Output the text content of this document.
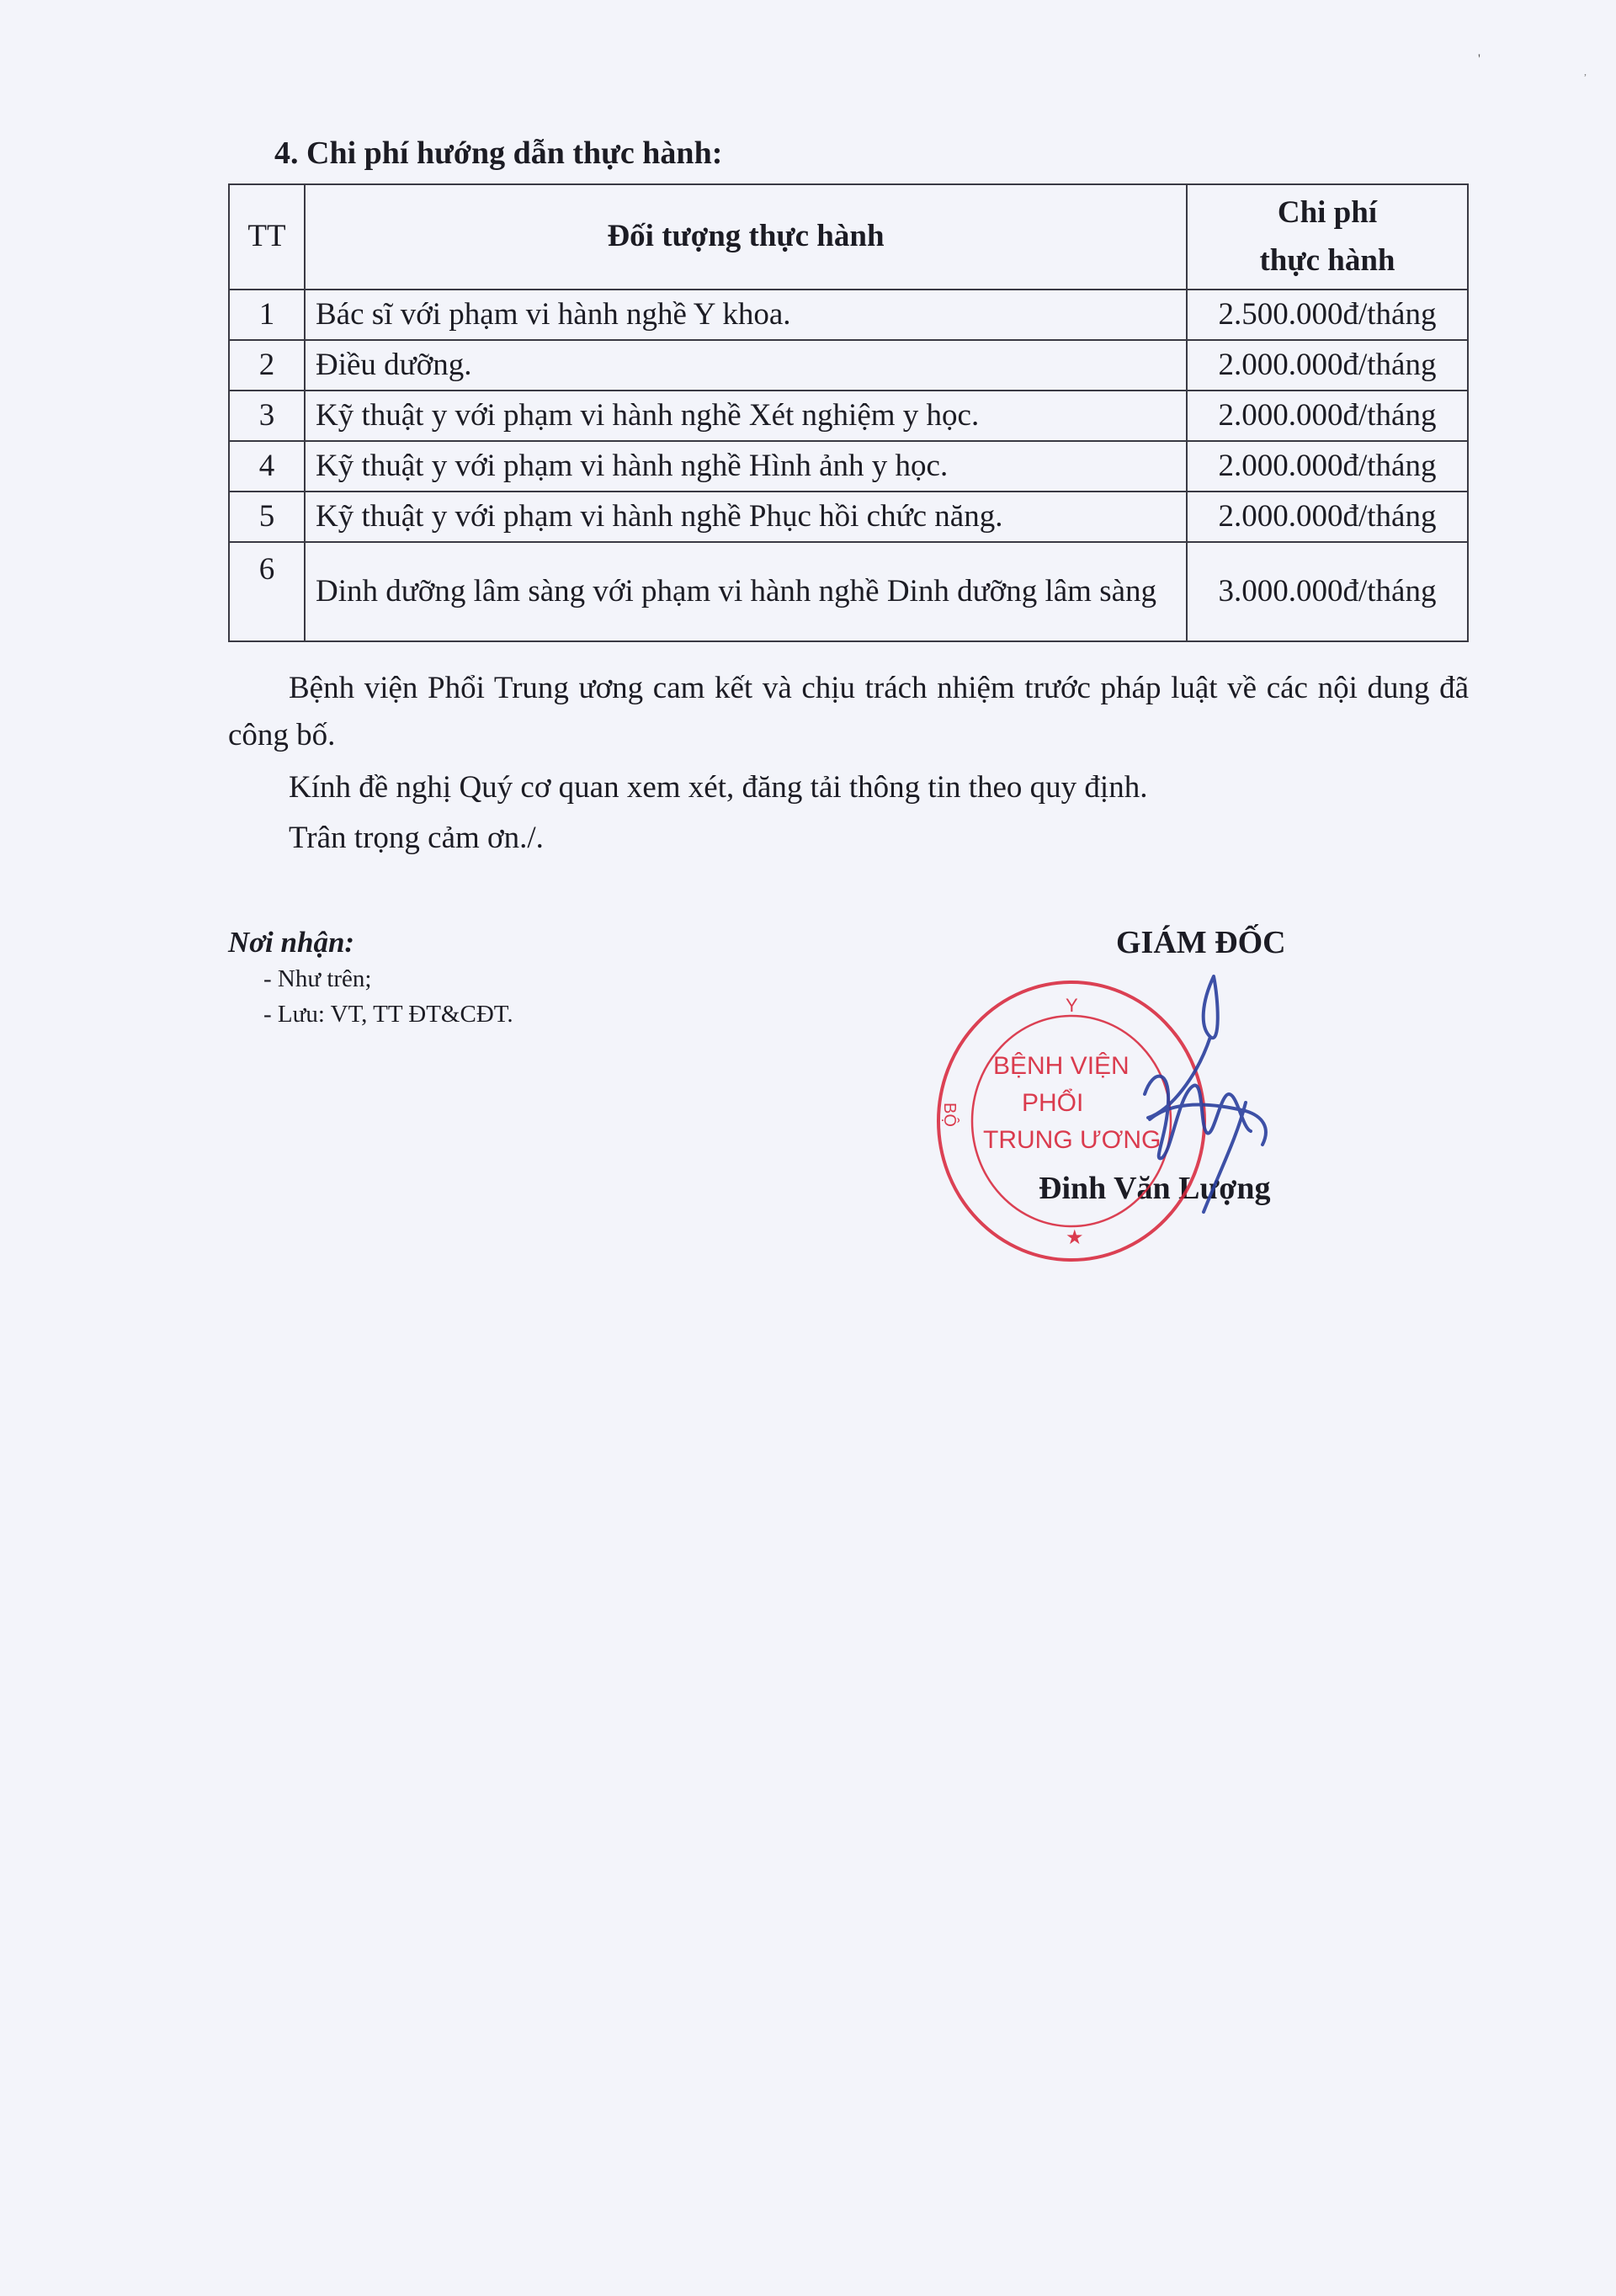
'
,
4. Chi phí hướng dẫn thực hành:
TT	Đối tượng thực hành	Chi phí
thực hành
1	Bác sĩ với phạm vi hành nghề Y khoa.	2.500.000đ/tháng
2	Điều dưỡng.	2.000.000đ/tháng
3	Kỹ thuật y với phạm vi hành nghề Xét nghiệm y học.	2.000.000đ/tháng
4	Kỹ thuật y với phạm vi hành nghề Hình ảnh y học.	2.000.000đ/tháng
5	Kỹ thuật y với phạm vi hành nghề Phục hồi chức năng.	2.000.000đ/tháng
6	Dinh dưỡng lâm sàng với phạm vi hành nghề Dinh dưỡng lâm sàng	3.000.000đ/tháng

Bệnh viện Phổi Trung ương cam kết và chịu trách nhiệm trước pháp luật về các nội dung đã công bố.

Kính đề nghị Quý cơ quan xem xét, đăng tải thông tin theo quy định.

Trân trọng cảm ơn./.

Nơi nhận:
- Như trên;
- Lưu: VT, TT ĐT&CĐT.
GIÁM ĐỐC

Đinh Văn Lượng

Y
BỆNH VIỆN
PHỔI
TRUNG ƯƠNG
BỘ
★
